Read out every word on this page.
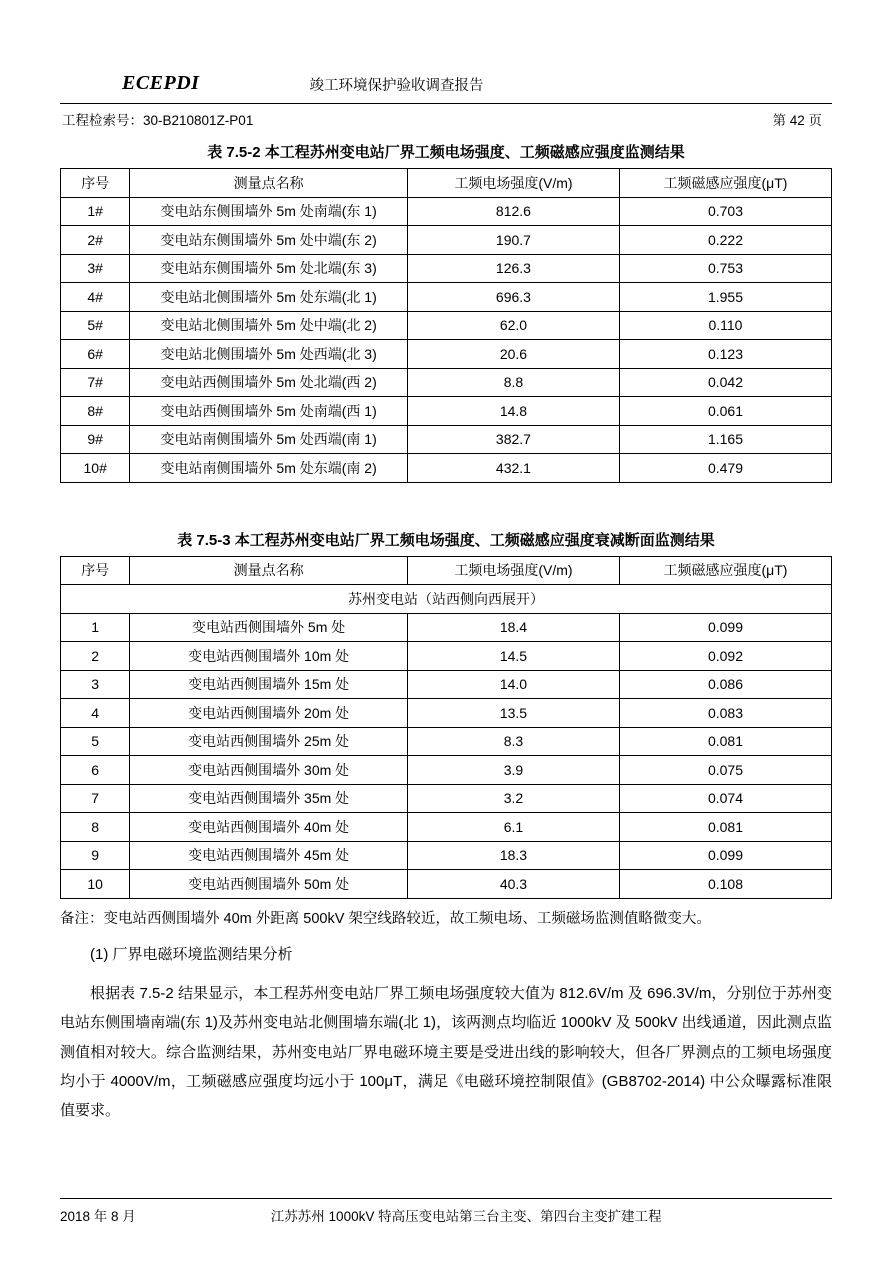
ECEPDI	竣工环境保护验收调查报告
工程检索号：30-B210801Z-P01	第 42 页
表 7.5-2 本工程苏州变电站厂界工频电场强度、工频磁感应强度监测结果
序号	测量点名称	工频电场强度(V/m)	工频磁感应强度(μT)
1#	变电站东侧围墙外 5m 处南端(东 1)	812.6	0.703
2#	变电站东侧围墙外 5m 处中端(东 2)	190.7	0.222
3#	变电站东侧围墙外 5m 处北端(东 3)	126.3	0.753
4#	变电站北侧围墙外 5m 处东端(北 1)	696.3	1.955
5#	变电站北侧围墙外 5m 处中端(北 2)	62.0	0.110
6#	变电站北侧围墙外 5m 处西端(北 3)	20.6	0.123
7#	变电站西侧围墙外 5m 处北端(西 2)	8.8	0.042
8#	变电站西侧围墙外 5m 处南端(西 1)	14.8	0.061
9#	变电站南侧围墙外 5m 处西端(南 1)	382.7	1.165
10#	变电站南侧围墙外 5m 处东端(南 2)	432.1	0.479
表 7.5-3 本工程苏州变电站厂界工频电场强度、工频磁感应强度衰减断面监测结果
序号	测量点名称	工频电场强度(V/m)	工频磁感应强度(μT)
苏州变电站（站西侧向西展开）			
1	变电站西侧围墙外 5m 处	18.4	0.099
2	变电站西侧围墙外 10m 处	14.5	0.092
3	变电站西侧围墙外 15m 处	14.0	0.086
4	变电站西侧围墙外 20m 处	13.5	0.083
5	变电站西侧围墙外 25m 处	8.3	0.081
6	变电站西侧围墙外 30m 处	3.9	0.075
7	变电站西侧围墙外 35m 处	3.2	0.074
8	变电站西侧围墙外 40m 处	6.1	0.081
9	变电站西侧围墙外 45m 处	18.3	0.099
10	变电站西侧围墙外 50m 处	40.3	0.108
备注：变电站西侧围墙外 40m 外距离 500kV 架空线路较近，故工频电场、工频磁场监测值略微变大。
(1) 厂界电磁环境监测结果分析
根据表 7.5-2 结果显示，本工程苏州变电站厂界工频电场强度较大值为 812.6V/m 及 696.3V/m，分别位于苏州变电站东侧围墙南端(东 1)及苏州变电站北侧围墙东端(北 1)，该两测点均临近 1000kV 及 500kV 出线通道，因此测点监测值相对较大。综合监测结果，苏州变电站厂界电磁环境主要是受进出线的影响较大，但各厂界测点的工频电场强度均小于 4000V/m，工频磁感应强度均远小于 100μT，满足《电磁环境控制限值》(GB8702-2014) 中公众曝露标准限值要求。
2018 年 8 月	江苏苏州 1000kV 特高压变电站第三台主变、第四台主变扩建工程
